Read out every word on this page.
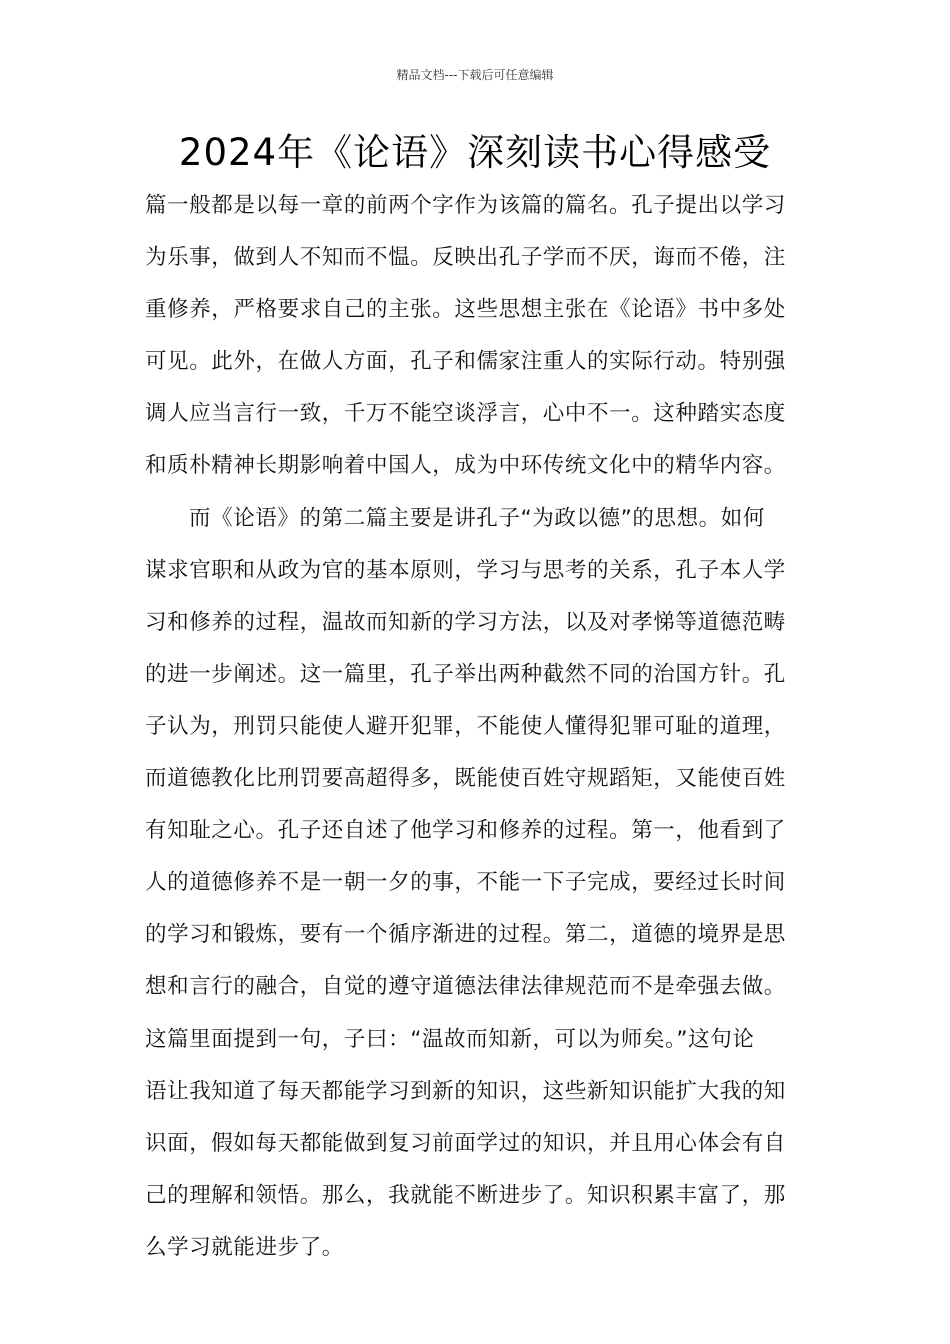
精品文档---下载后可任意编辑
2024年《论语》深刻读书心得感受
篇一般都是以每一章的前两个字作为该篇的篇名。孔子提出以学习
为乐事，做到人不知而不愠。反映出孔子学而不厌，诲而不倦，注
重修养，严格要求自己的主张。这些思想主张在《论语》书中多处
可见。此外，在做人方面，孔子和儒家注重人的实际行动。特别强
调人应当言行一致，千万不能空谈浮言，心中不一。这种踏实态度
和质朴精神长期影响着中国人，成为中环传统文化中的精华内容。
而《论语》的第二篇主要是讲孔子“为政以德”的思想。如何
谋求官职和从政为官的基本原则，学习与思考的关系，孔子本人学
习和修养的过程，温故而知新的学习方法，以及对孝悌等道德范畴
的进一步阐述。这一篇里，孔子举出两种截然不同的治国方针。孔
子认为，刑罚只能使人避开犯罪，不能使人懂得犯罪可耻的道理，
而道德教化比刑罚要高超得多，既能使百姓守规蹈矩，又能使百姓
有知耻之心。孔子还自述了他学习和修养的过程。第一，他看到了
人的道德修养不是一朝一夕的事，不能一下子完成，要经过长时间
的学习和锻炼，要有一个循序渐进的过程。第二，道德的境界是思
想和言行的融合，自觉的遵守道德法律法律规范而不是牵强去做。
这篇里面提到一句，子曰：“温故而知新，可以为师矣。”这句论
语让我知道了每天都能学习到新的知识，这些新知识能扩大我的知
识面，假如每天都能做到复习前面学过的知识，并且用心体会有自
己的理解和领悟。那么，我就能不断进步了。知识积累丰富了，那
么学习就能进步了。
